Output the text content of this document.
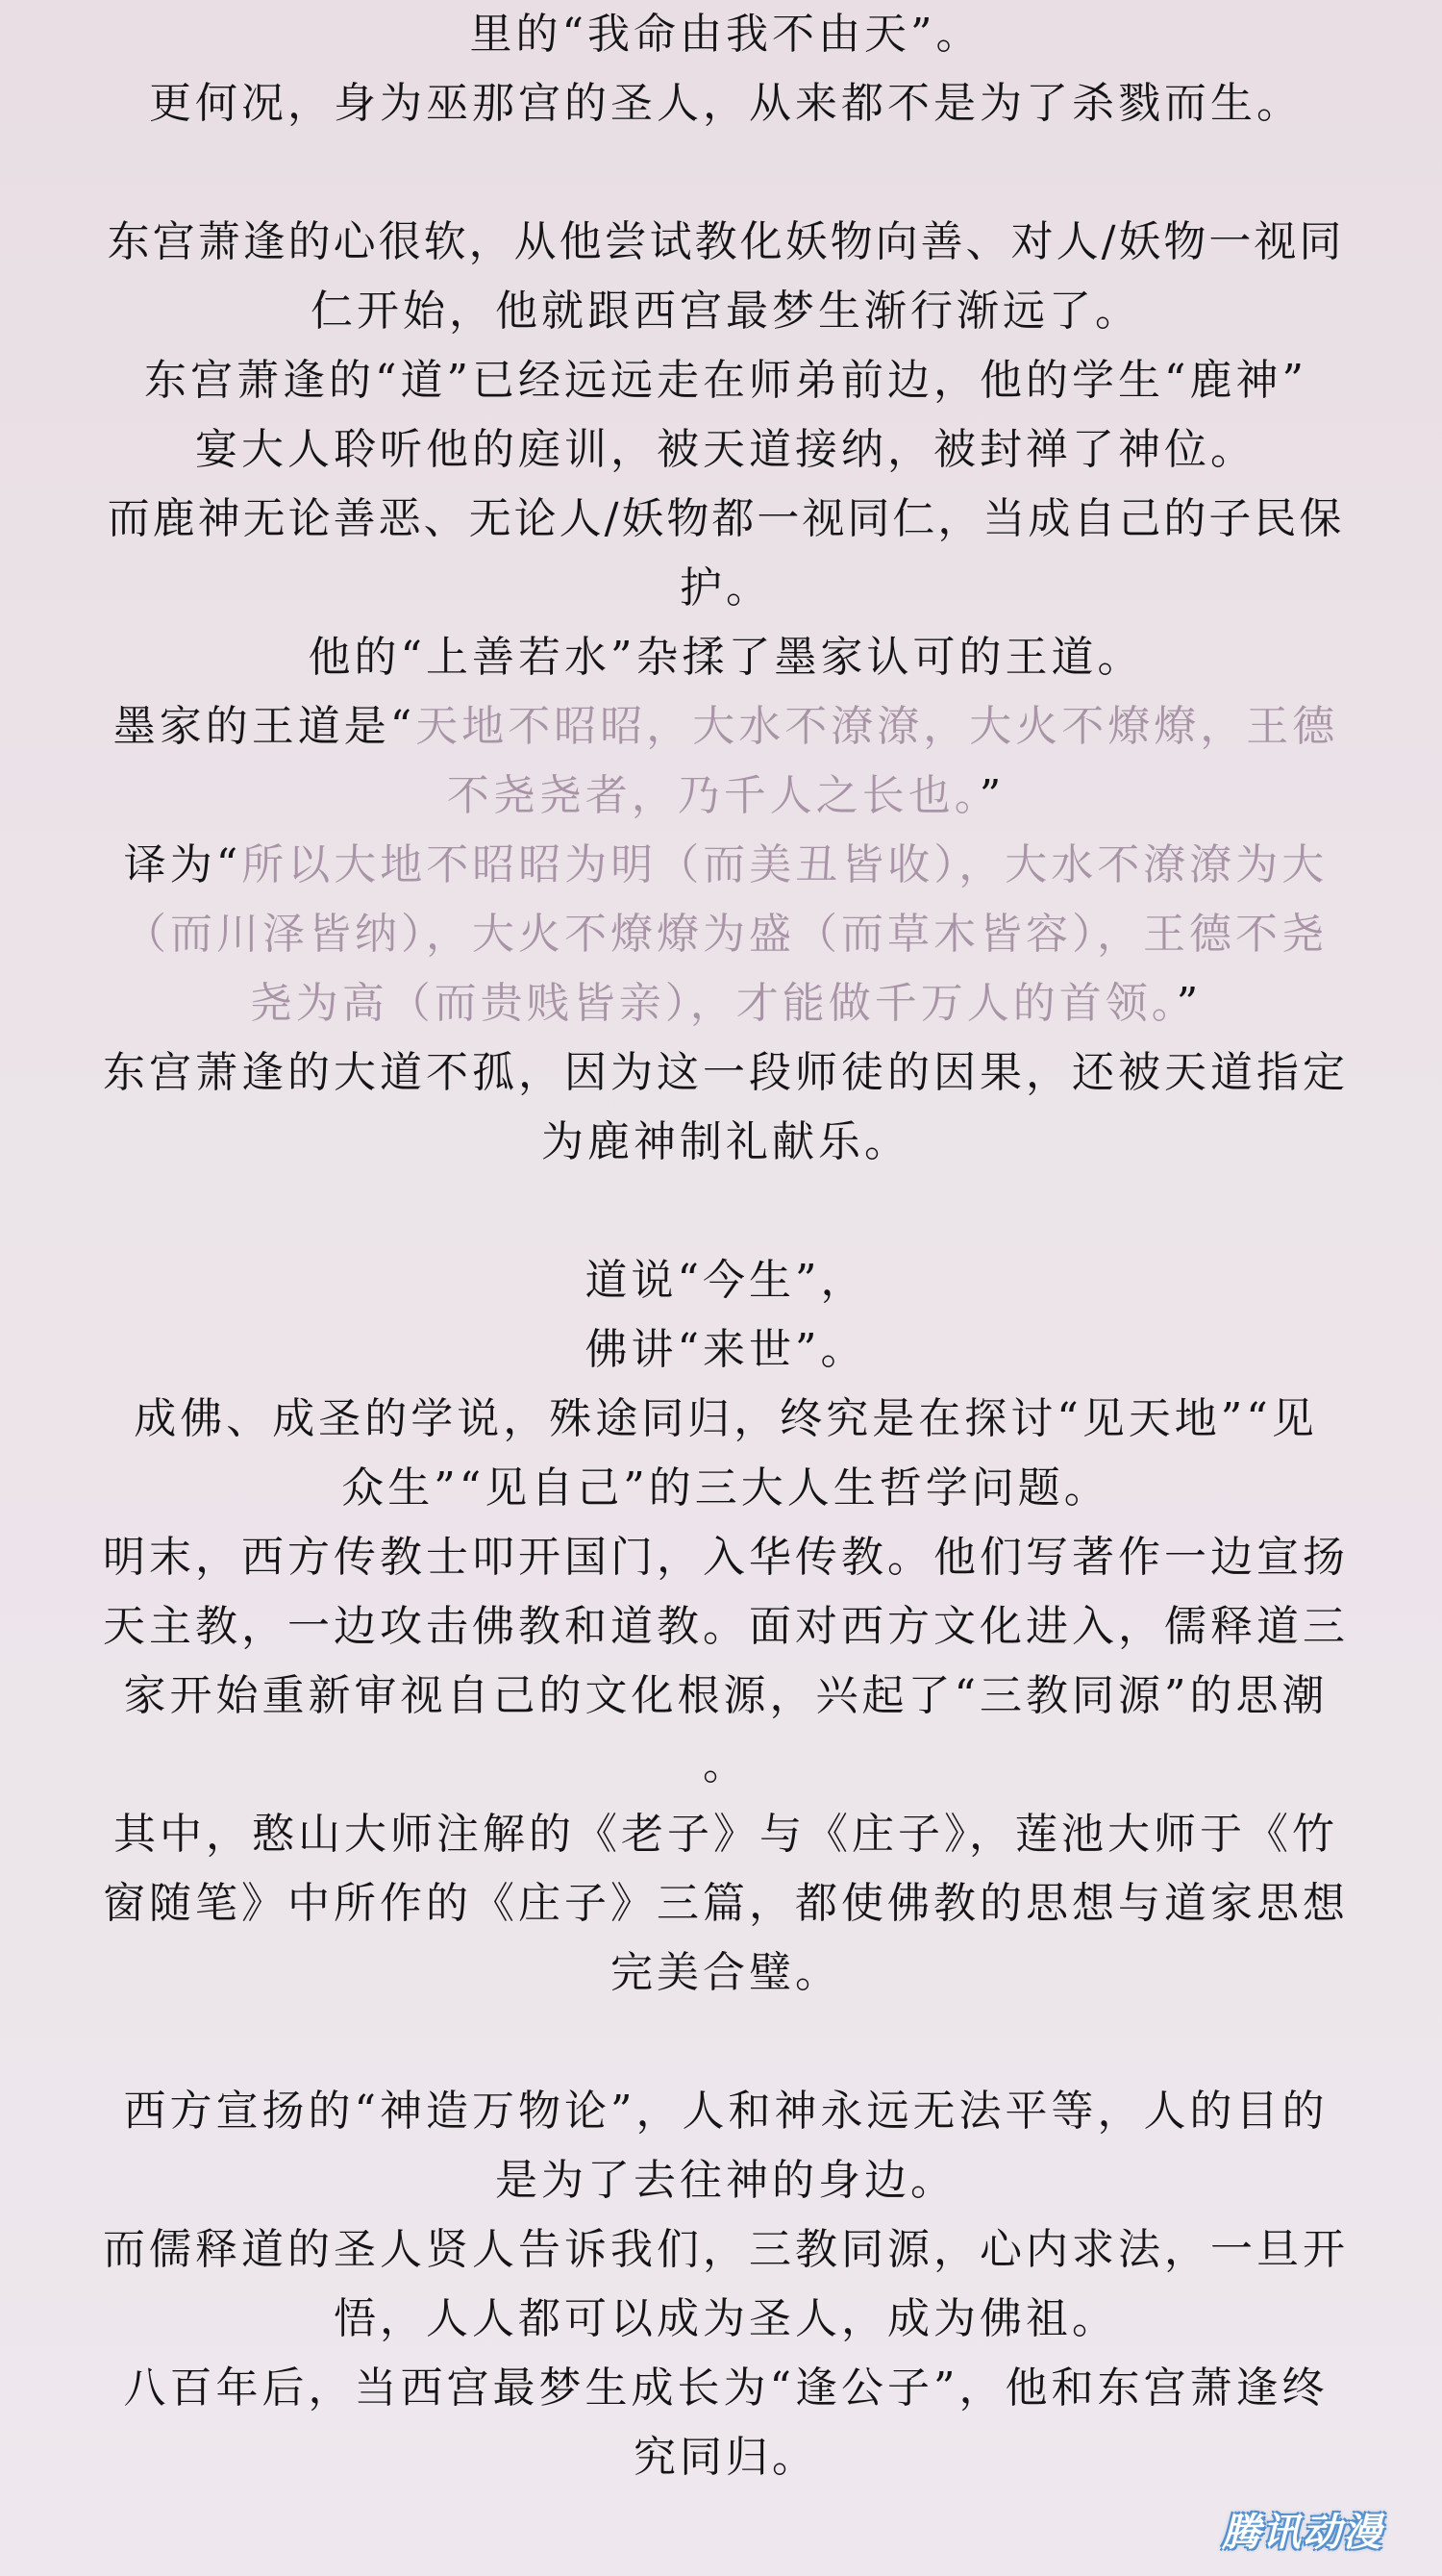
里的“我命由我不由天”。
更何况，身为巫那宫的圣人，从来都不是为了杀戮而生。
东宫萧逢的心很软，从他尝试教化妖物向善、对人/妖物一视同
仁开始，他就跟西宫最梦生渐行渐远了。
东宫萧逢的“道”已经远远走在师弟前边，他的学生“鹿神”
宴大人聆听他的庭训，被天道接纳，被封禅了神位。
而鹿神无论善恶、无论人/妖物都一视同仁，当成自己的子民保
护。
他的“上善若水”杂揉了墨家认可的王道。
墨家的王道是“天地不昭昭，大水不潦潦，大火不燎燎，王德
不尧尧者，乃千人之长也。”
译为“所以大地不昭昭为明（而美丑皆收），大水不潦潦为大
（而川泽皆纳），大火不燎燎为盛（而草木皆容），王德不尧
尧为高（而贵贱皆亲），才能做千万人的首领。”
东宫萧逢的大道不孤，因为这一段师徒的因果，还被天道指定
为鹿神制礼献乐。
道说“今生”，
佛讲“来世”。
成佛、成圣的学说，殊途同归，终究是在探讨“见天地”“见
众生”“见自己”的三大人生哲学问题。
明末，西方传教士叩开国门，入华传教。他们写著作一边宣扬
天主教，一边攻击佛教和道教。面对西方文化进入，儒释道三
家开始重新审视自己的文化根源，兴起了“三教同源”的思潮
。
其中，憨山大师注解的《老子》与《庄子》，莲池大师于《竹
窗随笔》中所作的《庄子》三篇，都使佛教的思想与道家思想
完美合璧。
西方宣扬的“神造万物论”，人和神永远无法平等，人的目的
是为了去往神的身边。
而儒释道的圣人贤人告诉我们，三教同源，心内求法，一旦开
悟，人人都可以成为圣人，成为佛祖。
八百年后，当西宫最梦生成长为“逢公子”，他和东宫萧逢终
究同归。
腾讯动漫
